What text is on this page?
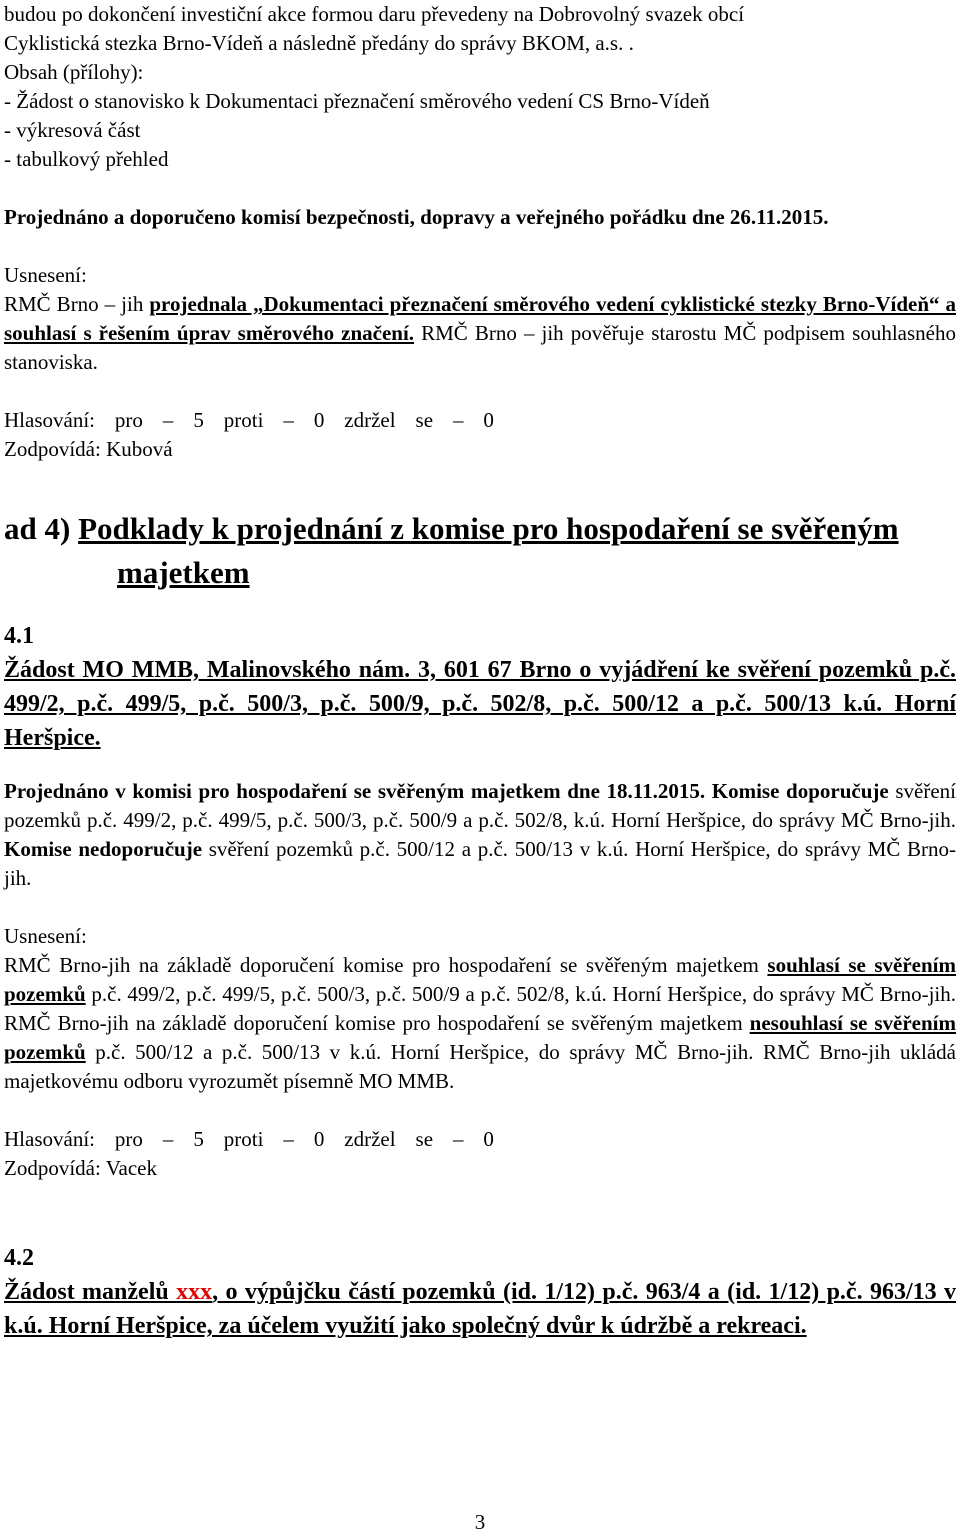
budou po dokončení investiční akce formou daru převedeny na Dobrovolný svazek obcí

Cyklistická stezka Brno-Vídeň a následně předány do správy BKOM, a.s. .

Obsah (přílohy):

- Žádost o stanovisko k Dokumentaci přeznačení směrového vedení CS Brno-Vídeň

- výkresová část

- tabulkový přehled

Projednáno a doporučeno komisí bezpečnosti, dopravy a veřejného pořádku dne 26.11.2015.

Usnesení:

RMČ Brno – jih projednala „Dokumentaci přeznačení směrového vedení cyklistické stezky Brno-Vídeň“ a souhlasí s řešením úprav směrového značení. RMČ Brno – jih pověřuje starostu MČ podpisem souhlasného stanoviska.

Hlasování: pro – 5 proti – 0 zdržel se – 0

Zodpovídá: Kubová

ad 4) Podklady k projednání z komise pro hospodaření se svěřeným majetkem

4.1

Žádost MO MMB, Malinovského nám. 3, 601 67 Brno o vyjádření ke svěření pozemků p.č. 499/2, p.č. 499/5, p.č. 500/3, p.č. 500/9, p.č. 502/8, p.č. 500/12 a p.č. 500/13 k.ú. Horní Heršpice.

Projednáno v komisi pro hospodaření se svěřeným majetkem dne 18.11.2015. Komise doporučuje svěření pozemků p.č. 499/2, p.č. 499/5, p.č. 500/3, p.č. 500/9 a p.č. 502/8, k.ú. Horní Heršpice, do správy MČ Brno-jih. Komise nedoporučuje svěření pozemků p.č. 500/12 a p.č. 500/13 v k.ú. Horní Heršpice, do správy MČ Brno-jih.

Usnesení:

RMČ Brno-jih na základě doporučení komise pro hospodaření se svěřeným majetkem souhlasí se svěřením pozemků p.č. 499/2, p.č. 499/5, p.č. 500/3, p.č. 500/9 a p.č. 502/8, k.ú. Horní Heršpice, do správy MČ Brno-jih. RMČ Brno-jih na základě doporučení komise pro hospodaření se svěřeným majetkem nesouhlasí se svěřením pozemků p.č. 500/12 a p.č. 500/13 v k.ú. Horní Heršpice, do správy MČ Brno-jih. RMČ Brno-jih ukládá majetkovému odboru vyrozumět písemně MO MMB.

Hlasování: pro – 5 proti – 0 zdržel se – 0

Zodpovídá: Vacek

4.2

Žádost manželů xxx, o výpůjčku částí pozemků (id. 1/12) p.č. 963/4 a (id. 1/12) p.č. 963/13 v k.ú. Horní Heršpice, za účelem využití jako společný dvůr k údržbě a rekreaci.

3
